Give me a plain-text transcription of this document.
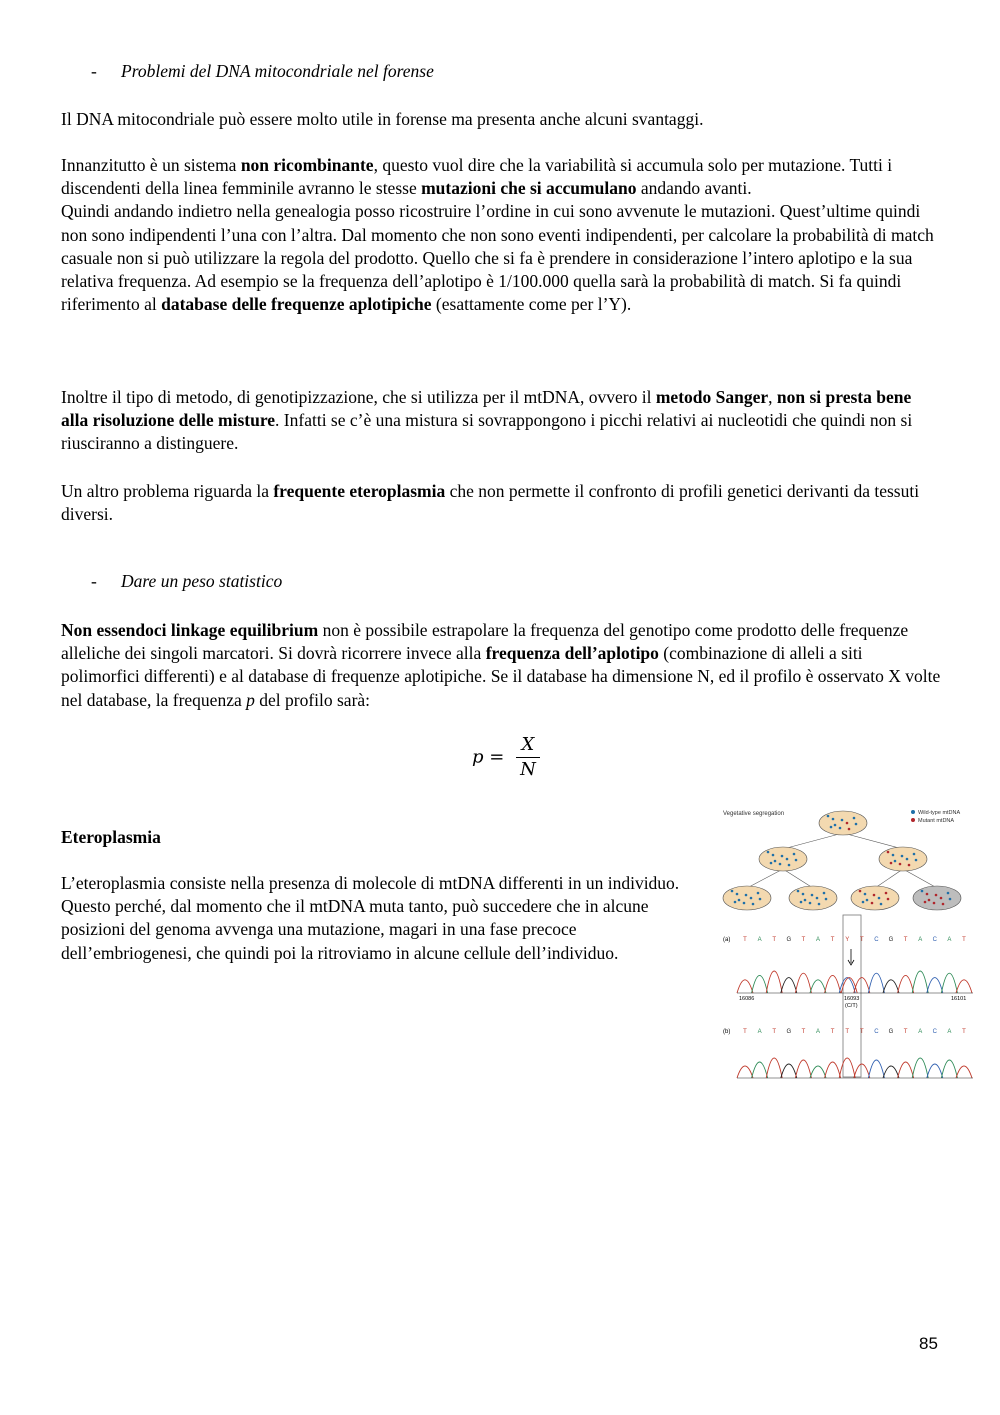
- Problemi del DNA mitocondriale nel forense
Il DNA mitocondriale può essere molto utile in forense ma presenta anche alcuni svantaggi.
Innanzitutto è un sistema non ricombinante, questo vuol dire che la variabilità si accumula solo per mutazione. Tutti i discendenti della linea femminile avranno le stesse mutazioni che si accumulano andando avanti.
Quindi andando indietro nella genealogia posso ricostruire l’ordine in cui sono avvenute le mutazioni. Quest’ultime quindi non sono indipendenti l’una con l’altra. Dal momento che non sono eventi indipendenti, per calcolare la probabilità di match casuale non si può utilizzare la regola del prodotto. Quello che si fa è prendere in considerazione l’intero aplotipo e la sua relativa frequenza. Ad esempio se la frequenza dell’aplotipo è 1/100.000 quella sarà la probabilità di match. Si fa quindi riferimento al database delle frequenze aplotipiche (esattamente come per l’Y).
Inoltre il tipo di metodo, di genotipizzazione, che si utilizza per il mtDNA, ovvero il metodo Sanger, non si presta bene alla risoluzione delle misture. Infatti se c’è una mistura si sovrappongono i picchi relativi ai nucleotidi che quindi non si riusciranno a distinguere.
Un altro problema riguarda la frequente eteroplasmia che non permette il confronto di profili genetici derivanti da tessuti diversi.
- Dare un peso statistico
Non essendoci linkage equilibrium non è possibile estrapolare la frequenza del genotipo come prodotto delle frequenze alleliche dei singoli marcatori. Si dovrà ricorrere invece alla frequenza dell’aplotipo (combinazione di alleli a siti polimorfici differenti) e al database di frequenze aplotipiche. Se il database ha dimensione N, ed il profilo è osservato X volte nel database, la frequenza p del profilo sarà:
$p = \frac{X}{N}$
Eteroplasmia
L’eteroplasmia consiste nella presenza di molecole di mtDNA differenti in un individuo.
Questo perché, dal momento che il mtDNA muta tanto, può succedere che in alcune posizioni del genoma avvenga una mutazione, magari in una fase precoce dell’embriogenesi, che quindi poi la ritroviamo in alcune cellule dell’individuo.
Vegetative segregation	Wild-type mtDNA
Mutant mtDNA
(a) T A T G T A T Y T C G T A C A T
16086	16093
(C/T)
16101
(b) T A T G T A T T T C G T A C A T
85
